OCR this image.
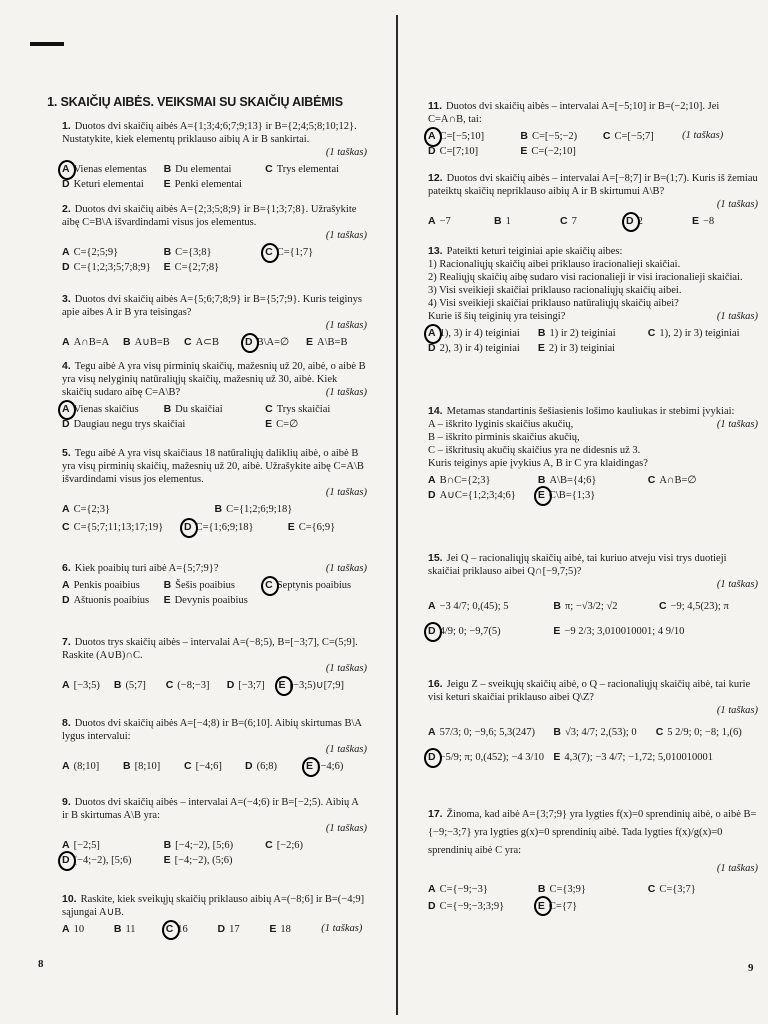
1. SKAIČIŲ AIBĖS. VEIKSMAI SU SKAIČIŲ AIBĖMIS
1. Duotos dvi skaičių aibės A={1;3;4;6;7;9;13} ir B={2;4;5;8;10;12}. Nustatykite, kiek elementų priklauso aibių A ir B sankirtai.
(1 taškas)
A Vienas elementas B Du elementai	C Trys elementai
D Keturi elementai E Penki elementai
2. Duotos dvi skaičių aibės A={2;3;5;8;9} ir B={1;3;7;8}. Užrašykite aibę C=B\A išvardindami visus jos elementus.
(1 taškas)
A C={2;5;9}	B C={3;8}	C C={1;7}
D C={1;2;3;5;7;8;9} E C={2;7;8}
3. Duotos dvi skaičių aibės A={5;6;7;8;9} ir B={5;7;9}. Kuris teiginys apie aibes A ir B yra teisingas?
(1 taškas)
A A∩B=A B A∪B=B C A⊂B D B\A=∅ E A\B=B
4. Tegu aibė A yra visų pirminių skaičių, mažesnių už 20, aibė, o aibė B yra visų nelyginių natūraliųjų skaičių, mažesnių už 30, aibė. Kiek skaičių sudaro aibę C=A\B?	(1 taškas)
A Vienas skaičius B Du skaičiai	C Trys skaičiai
D Daugiau negu trys skaičiai	E C=∅
5. Tegu aibė A yra visų skaičiaus 18 natūraliųjų daliklių aibė, o aibė B yra visų pirminių skaičių, mažesnių už 20, aibė. Užrašykite aibę C=A\B išvardindami visus jos elementus.
(1 taškas)
A C={2;3}	B C={1;2;6;9;18}
C C={5;7;11;13;17;19} D C={1;6;9;18}	E C={6;9}
6. Kiek poaibių turi aibė A={5;7;9}?	(1 taškas)
A Penkis poaibius B Šešis poaibius	C Septynis poaibius
D Aštuonis poaibius E Devynis poaibius
7. Duotos trys skaičių aibės – intervalai A=(−8;5), B=[−3;7], C=(5;9]. Raskite (A∪B)∩C.
(1 taškas)
A [−3;5) B (5;7] C (−8;−3] D [−3;7] E [−3;5)∪[7;9]
8. Duotos dvi skaičių aibės A=[−4;8) ir B=(6;10]. Aibių skirtumas B\A lygus intervalui:
(1 taškas)
A (8;10] B [8;10] C [−4;6] D (6;8)	E [−4;6)
9. Duotos dvi skaičių aibės – intervalai A=(−4;6) ir B=[−2;5). Aibių A ir B skirtumas A\B yra:
(1 taškas)
A [−2;5]	B [−4;−2), [5;6)	C [−2;6)
D (−4;−2), [5;6)	E [−4;−2), (5;6)
10. Raskite, kiek sveikųjų skaičių priklauso aibių A=(−8;6] ir B=(−4;9] sąjungai A∪B.
A 10	B 11	C 16	D 17	E 18	(1 taškas)
8
11. Duotos dvi skaičių aibės – intervalai A=[−5;10] ir B=(−2;10]. Jei C=A∩B, tai:
A C=[−5;10]	B C=[−5;−2) C C=[−5;7]	(1 taškas)
D C=[7;10]	E C=(−2;10]
12. Duotos dvi skaičių aibės – intervalai A=[−8;7] ir B=(1;7). Kuris iš žemiau pateiktų skaičių nepriklauso aibių A ir B skirtumui A\B?
(1 taškas)
A −7	B 1	C 7	D 2	E −8
13. Pateikti keturi teiginiai apie skaičių aibes:
1) Racionaliųjų skaičių aibei priklauso iracionalieji skaičiai.
2) Realiųjų skaičių aibę sudaro visi racionalieji ir visi iracionalieji skaičiai.
3) Visi sveikieji skaičiai priklauso racionaliųjų skaičių aibei.
4) Visi sveikieji skaičiai priklauso natūraliųjų skaičių aibei?
Kurie iš šių teiginių yra teisingi?	(1 taškas)
A 1), 3) ir 4) teiginiai B 1) ir 2) teiginiai	C 1), 2) ir 3) teiginiai
D 2), 3) ir 4) teiginiai E 2) ir 3) teiginiai
14. Metamas standartinis šešiasienis lošimo kauliukas ir stebimi įvykiai:
(1 taškas)
A – iškrito lyginis skaičius akučių,
B – iškrito pirminis skaičius akučių,
C – iškritusių akučių skaičius yra ne didesnis už 3.
Kuris teiginys apie įvykius A, B ir C yra klaidingas?
A B∩C={2;3}	B A\B={4;6}	C A∩B=∅
D A∪C={1;2;3;4;6} E C\B={1;3}
15. Jei Q – racionaliųjų skaičių aibė, tai kuriuo atveju visi trys duotieji skaičiai priklauso aibei Q∩[−9,7;5)?
(1 taškas)
A −3 4/7; 0,(45); 5	B π; −√3/2; √2	C −9; 4,5(23); π
D 4/9; 0; −9,7(5)	E −9 2/3; 3,010010001; 4 9/10
16. Jeigu Z – sveikųjų skaičių aibė, o Q – racionaliųjų skaičių aibė, tai kurie visi keturi skaičiai priklauso aibei Q\Z?
(1 taškas)
A 57/3; 0; −9,6; 5,3(247) B √3; 4/7; 2,(53); 0 C 5 2/9; 0; −8; 1,(6)
D −5/9; π; 0,(452); −4 3/10 E 4,3(7); −3 4/7; −1,72; 5,010010001
17. Žinoma, kad aibė A={3;7;9} yra lygties f(x)=0 sprendinių aibė, o aibė B={−9;−3;7} yra lygties g(x)=0 sprendinių aibė. Tada lygties f(x)/g(x)=0 sprendinių aibė C yra:
(1 taškas)
A C={−9;−3}	B C={3;9}	C C={3;7}
D C={−9;−3;3;9}	E C={7}
9
